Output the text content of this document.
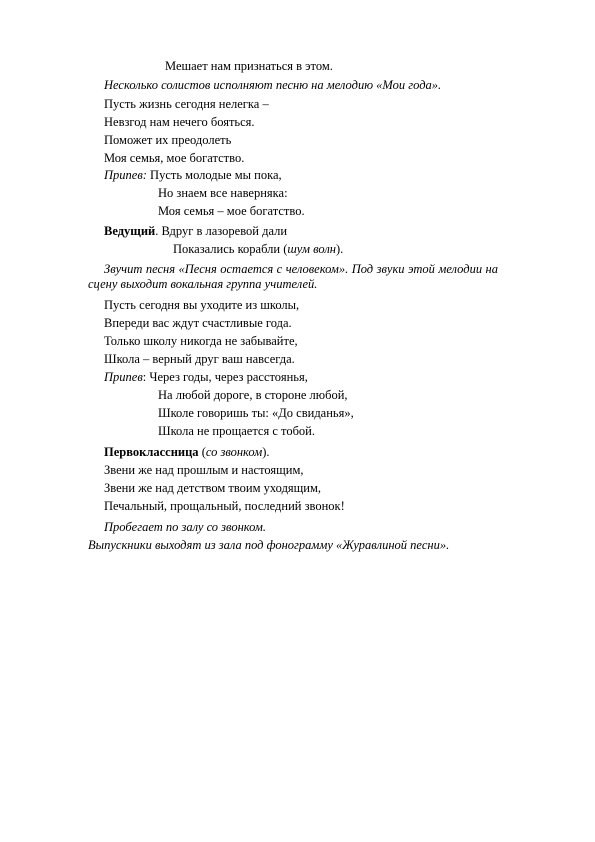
Мешает нам признаться в этом.
Несколько солистов исполняют песню на мелодию «Мои года».
Пусть жизнь сегодня нелегка –
Невзгод нам нечего бояться.
Поможет их преодолеть
Моя семья, мое богатство.
Припев: Пусть молодые мы пока,
Но знаем все наверняка:
Моя семья – мое богатство.
Ведущий. Вдруг в лазоревой дали
Показались корабли (шум волн).
Звучит песня «Песня остается с человеком». Под звуки этой мелодии на сцену выходит вокальная группа учителей.
Пусть сегодня вы уходите из школы,
Впереди вас ждут счастливые года.
Только школу никогда не забывайте,
Школа – верный друг ваш навсегда.
Припев: Через годы, через расстоянья,
На любой дороге, в стороне любой,
Школе говоришь ты: «До свиданья»,
Школа не прощается с тобой.
Первоклассница (со звонком).
Звени же над прошлым и настоящим,
Звени же над детством твоим уходящим,
Печальный, прощальный, последний звонок!
Пробегает по залу со звонком.
Выпускники выходят из зала под фонограмму «Журавлиной песни».
